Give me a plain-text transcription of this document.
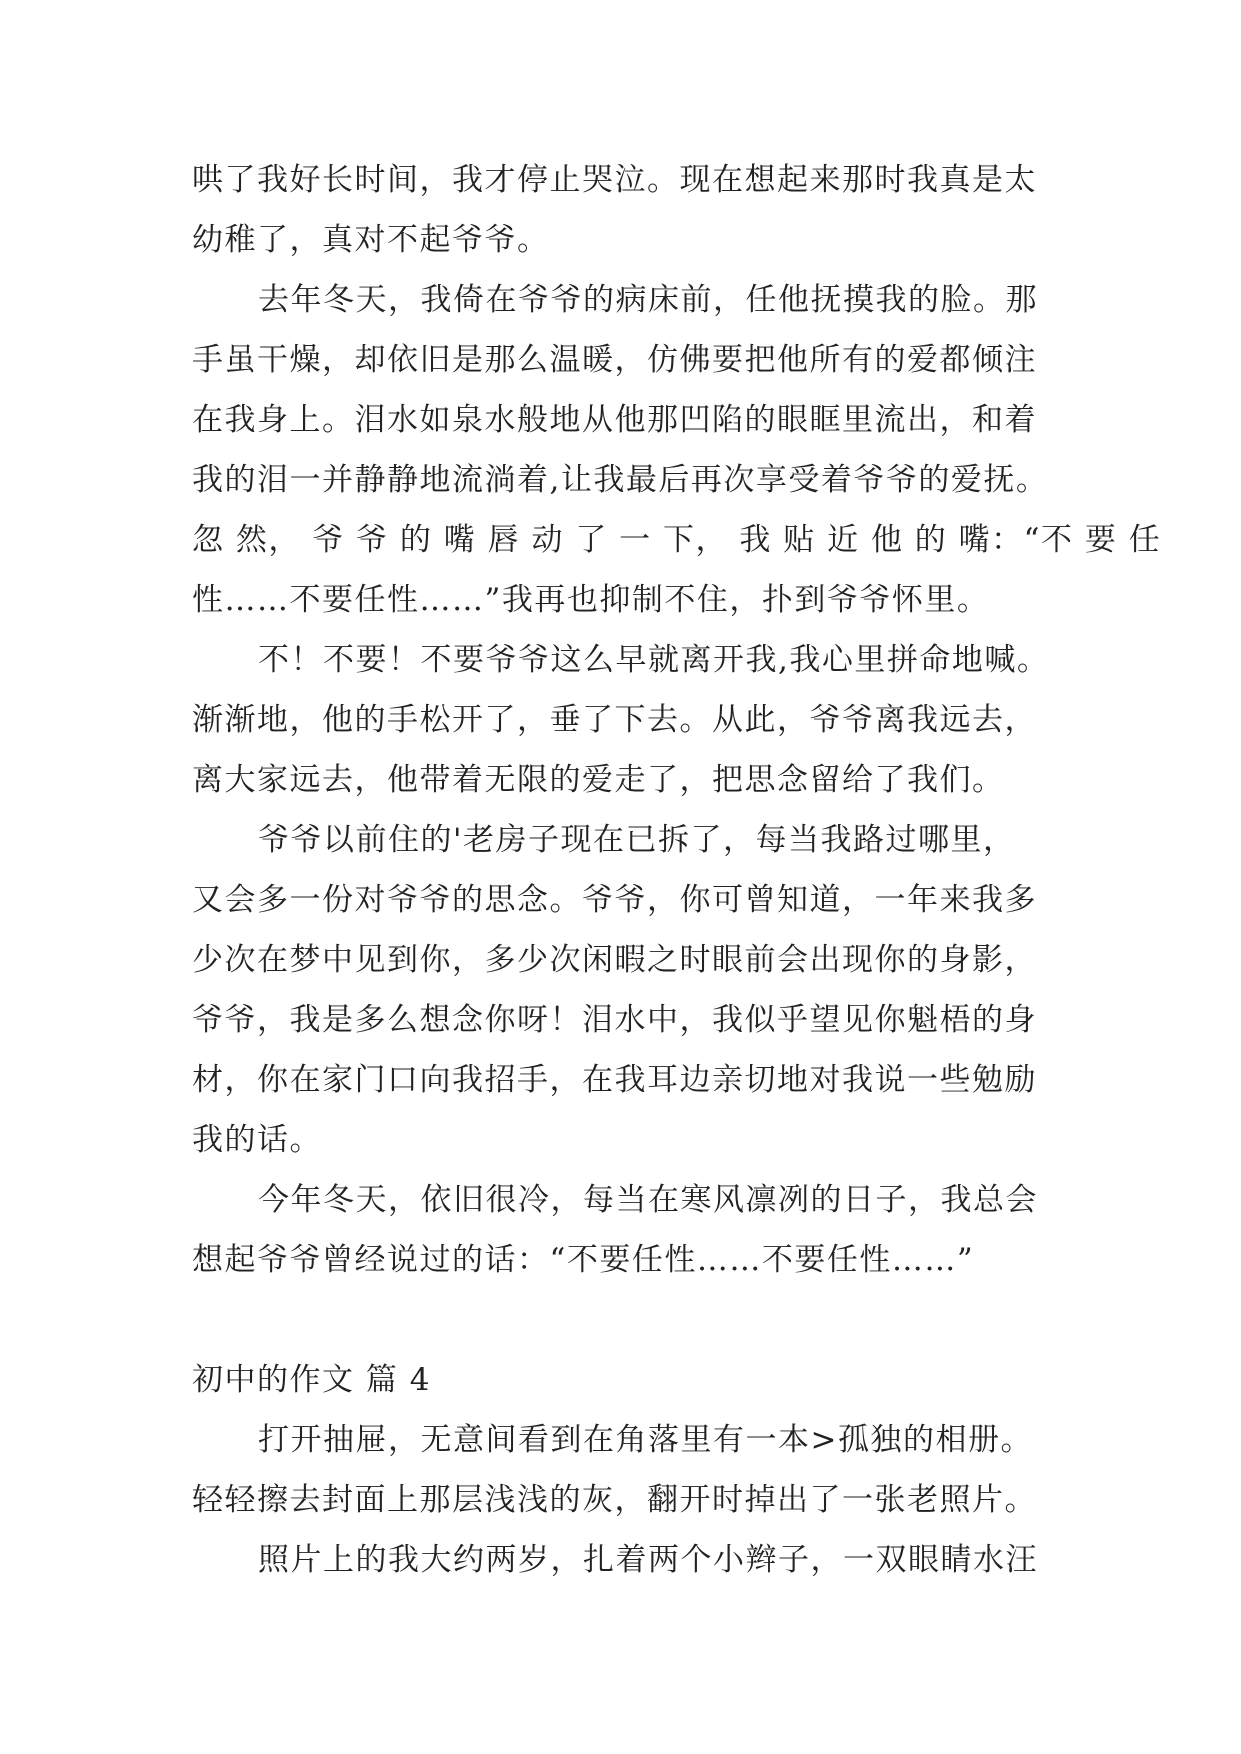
哄了我好长时间，我才停止哭泣。现在想起来那时我真是太
幼稚了，真对不起爷爷。
去年冬天，我倚在爷爷的病床前，任他抚摸我的脸。那
手虽干燥，却依旧是那么温暖，仿佛要把他所有的爱都倾注
在我身上。泪水如泉水般地从他那凹陷的眼眶里流出，和着
我的泪一并静静地流淌着,让我最后再次享受着爷爷的爱抚。
忽 然， 爷 爷 的 嘴 唇 动 了 一 下， 我 贴 近 他 的 嘴：“不 要 任
性……不要任性……”我再也抑制不住，扑到爷爷怀里。
不！不要！不要爷爷这么早就离开我,我心里拼命地喊。
渐渐地，他的手松开了，垂了下去。从此，爷爷离我远去，
离大家远去，他带着无限的爱走了，把思念留给了我们。
爷爷以前住的'老房子现在已拆了，每当我路过哪里，
又会多一份对爷爷的思念。爷爷，你可曾知道，一年来我多
少次在梦中见到你，多少次闲暇之时眼前会出现你的身影，
爷爷，我是多么想念你呀！泪水中，我似乎望见你魁梧的身
材，你在家门口向我招手，在我耳边亲切地对我说一些勉励
我的话。
今年冬天，依旧很冷，每当在寒风凛冽的日子，我总会
想起爷爷曾经说过的话：“不要任性……不要任性……”
初中的作文 篇 4
打开抽屉，无意间看到在角落里有一本>孤独的相册。
轻轻擦去封面上那层浅浅的灰，翻开时掉出了一张老照片。
照片上的我大约两岁，扎着两个小辫子，一双眼睛水汪
